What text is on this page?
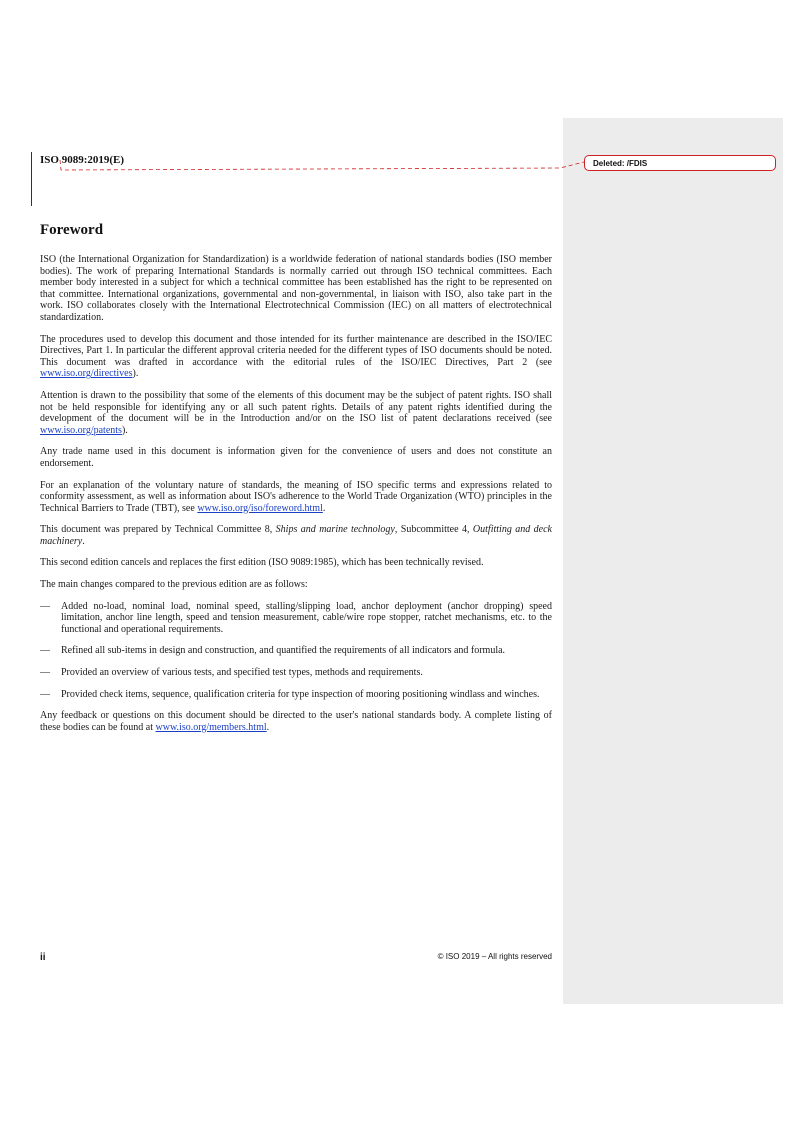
ISO 9089:2019(E)	Deleted: /FDIS
Foreword

ISO (the International Organization for Standardization) is a worldwide federation of national standards bodies (ISO member bodies). The work of preparing International Standards is normally carried out through ISO technical committees. Each member body interested in a subject for which a technical committee has been established has the right to be represented on that committee. International organizations, governmental and non-governmental, in liaison with ISO, also take part in the work. ISO collaborates closely with the International Electrotechnical Commission (IEC) on all matters of electrotechnical standardization.

The procedures used to develop this document and those intended for its further maintenance are described in the ISO/IEC Directives, Part 1. In particular the different approval criteria needed for the different types of ISO documents should be noted. This document was drafted in accordance with the editorial rules of the ISO/IEC Directives, Part 2 (see www.iso.org/directives).

Attention is drawn to the possibility that some of the elements of this document may be the subject of patent rights. ISO shall not be held responsible for identifying any or all such patent rights. Details of any patent rights identified during the development of the document will be in the Introduction and/or on the ISO list of patent declarations received (see www.iso.org/patents).

Any trade name used in this document is information given for the convenience of users and does not constitute an endorsement.

For an explanation of the voluntary nature of standards, the meaning of ISO specific terms and expressions related to conformity assessment, as well as information about ISO's adherence to the World Trade Organization (WTO) principles in the Technical Barriers to Trade (TBT), see www.iso.org/iso/foreword.html.

This document was prepared by Technical Committee 8, Ships and marine technology, Subcommittee 4, Outfitting and deck machinery.

This second edition cancels and replaces the first edition (ISO 9089:1985), which has been technically revised.

The main changes compared to the previous edition are as follows:

—	Added no-load, nominal load, nominal speed, stalling/slipping load, anchor deployment (anchor dropping) speed limitation, anchor line length, speed and tension measurement, cable/wire rope stopper, ratchet mechanisms, etc. to the functional and operational requirements.
—	Refined all sub-items in design and construction, and quantified the requirements of all indicators and formula.
—	Provided an overview of various tests, and specified test types, methods and requirements.
—	Provided check items, sequence, qualification criteria for type inspection of mooring positioning windlass and winches.

Any feedback or questions on this document should be directed to the user's national standards body. A complete listing of these bodies can be found at www.iso.org/members.html.

ii	© ISO 2019 – All rights reserved
